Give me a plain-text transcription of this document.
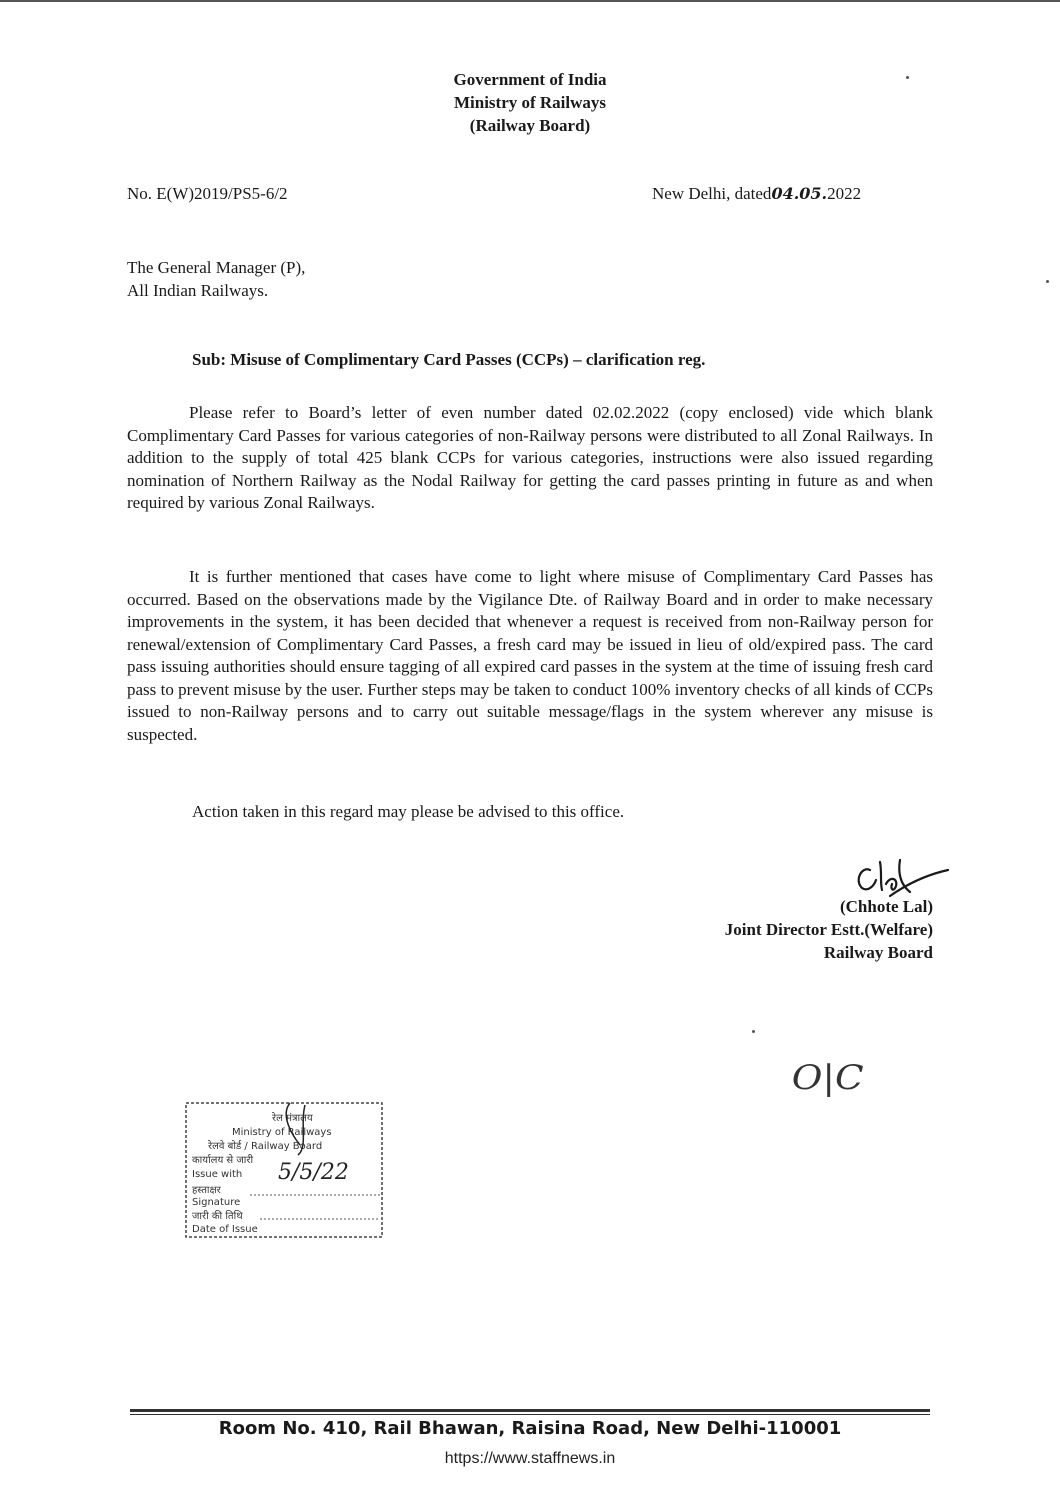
Government of India
Ministry of Railways
(Railway Board)
No. E(W)2019/PS5-6/2	New Delhi, dated04.05.2022
The General Manager (P),
All Indian Railways.
Sub: Misuse of Complimentary Card Passes (CCPs) – clarification reg.
Please refer to Board’s letter of even number dated 02.02.2022 (copy enclosed) vide which blank Complimentary Card Passes for various categories of non-Railway persons were distributed to all Zonal Railways. In addition to the supply of total 425 blank CCPs for various categories, instructions were also issued regarding nomination of Northern Railway as the Nodal Railway for getting the card passes printing in future as and when required by various Zonal Railways.
It is further mentioned that cases have come to light where misuse of Complimentary Card Passes has occurred. Based on the observations made by the Vigilance Dte. of Railway Board and in order to make necessary improvements in the system, it has been decided that whenever a request is received from non-Railway person for renewal/extension of Complimentary Card Passes, a fresh card may be issued in lieu of old/expired pass. The card pass issuing authorities should ensure tagging of all expired card passes in the system at the time of issuing fresh card pass to prevent misuse by the user. Further steps may be taken to conduct 100% inventory checks of all kinds of CCPs issued to non-Railway persons and to carry out suitable message/flags in the system wherever any misuse is suspected.
Action taken in this regard may please be advised to this office.
(Chhote Lal)
Joint Director Estt.(Welfare)
Railway Board
O|C
रेल मंत्रालय
Ministry of Railways
रेलवे बोर्ड / Railway Board
कार्यालय से जारी
Issue with
हस्ताक्षर
Signature
जारी की तिथि
Date of Issue
5/5/22
Room No. 410, Rail Bhawan, Raisina Road, New Delhi-110001
https://www.staffnews.in
